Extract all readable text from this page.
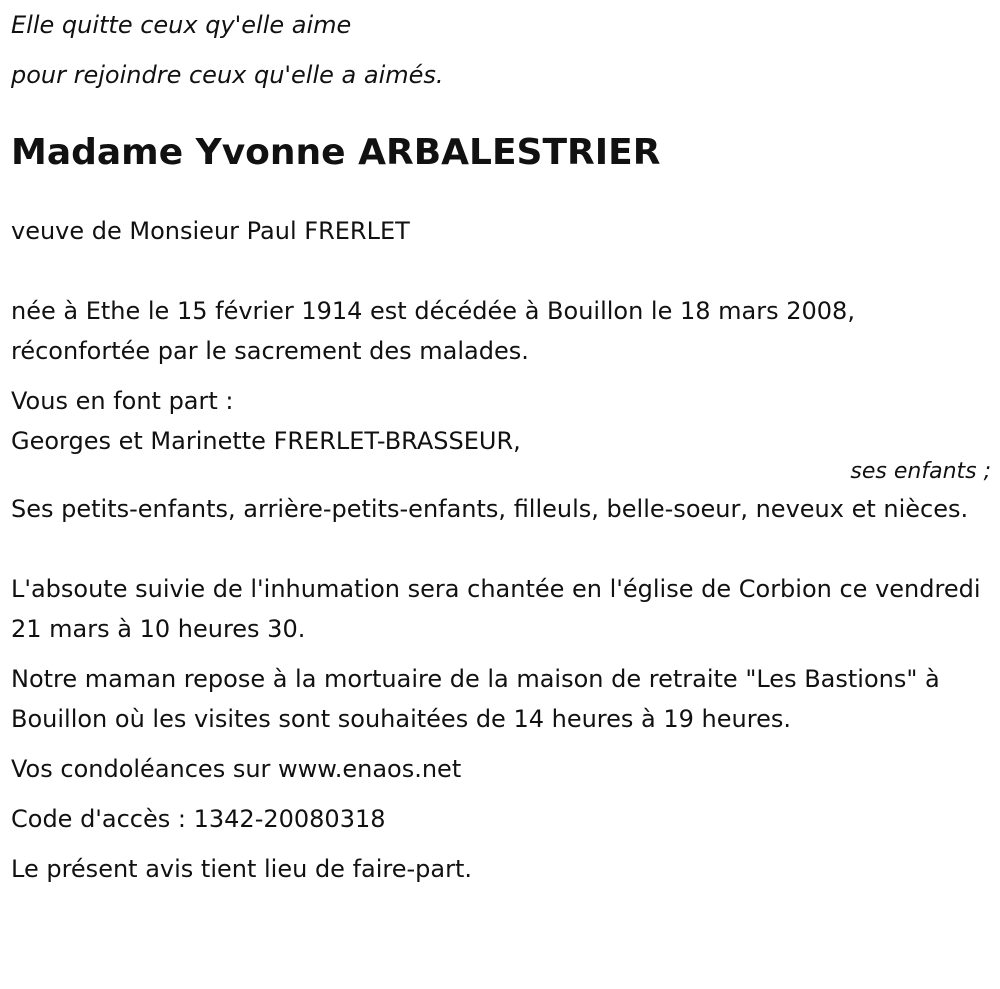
Elle quitte ceux qy'elle aime
pour rejoindre ceux qu'elle a aimés.

Madame Yvonne ARBALESTRIER

veuve de Monsieur Paul FRERLET

née à Ethe le 15 février 1914 est décédée à Bouillon le 18 mars 2008, réconfortée par le sacrement des malades.

Vous en font part :

Georges et Marinette FRERLET-BRASSEUR,

ses enfants ;

Ses petits-enfants, arrière-petits-enfants, filleuls, belle-soeur, neveux et nièces.

L'absoute suivie de l'inhumation sera chantée en l'église de Corbion ce vendredi 21 mars à 10 heures 30.

Notre maman repose à la mortuaire de la maison de retraite "Les Bastions" à Bouillon où les visites sont souhaitées de 14 heures à 19 heures.

Vos condoléances sur www.enaos.net

Code d'accès : 1342-20080318

Le présent avis tient lieu de faire-part.
